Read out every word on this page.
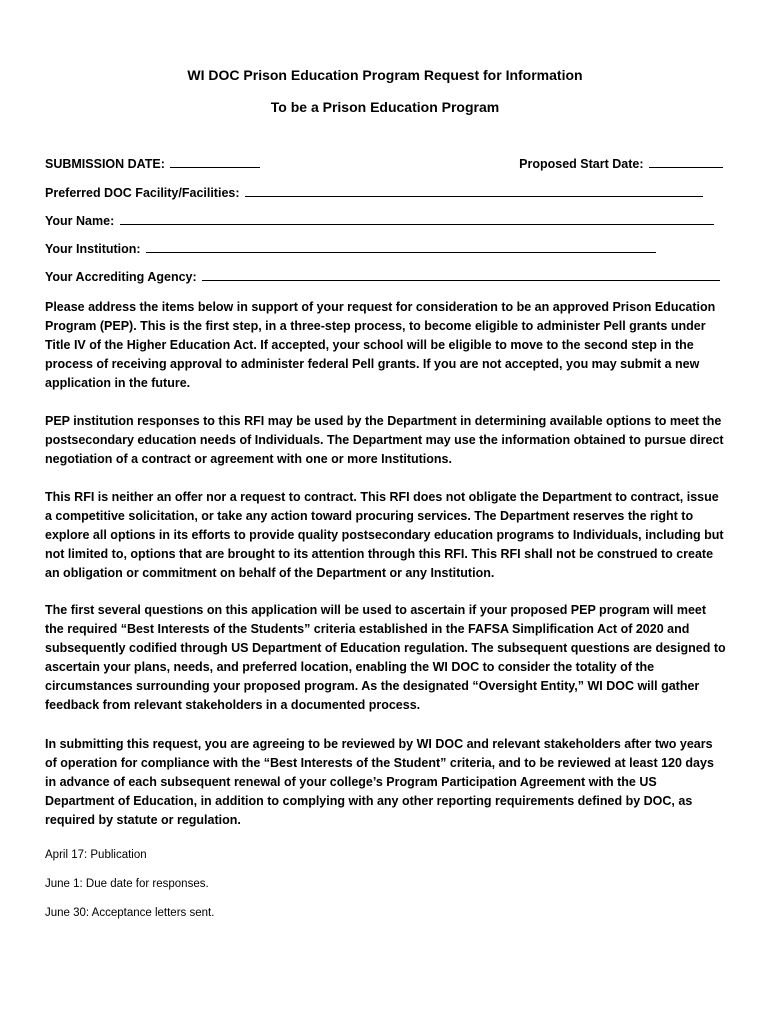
WI DOC Prison Education Program Request for Information
To be a Prison Education Program
SUBMISSION DATE:	Proposed Start Date:
Preferred DOC Facility/Facilities:
Your Name:
Your Institution:
Your Accrediting Agency:
Please address the items below in support of your request for consideration to be an approved Prison Education Program (PEP). This is the first step, in a three-step process, to become eligible to administer Pell grants under Title IV of the Higher Education Act. If accepted, your school will be eligible to move to the second step in the process of receiving approval to administer federal Pell grants. If you are not accepted, you may submit a new application in the future.
PEP institution responses to this RFI may be used by the Department in determining available options to meet the postsecondary education needs of Individuals. The Department may use the information obtained to pursue direct negotiation of a contract or agreement with one or more Institutions.
This RFI is neither an offer nor a request to contract. This RFI does not obligate the Department to contract, issue a competitive solicitation, or take any action toward procuring services. The Department reserves the right to explore all options in its efforts to provide quality postsecondary education programs to Individuals, including but not limited to, options that are brought to its attention through this RFI. This RFI shall not be construed to create an obligation or commitment on behalf of the Department or any Institution.
The first several questions on this application will be used to ascertain if your proposed PEP program will meet the required “Best Interests of the Students” criteria established in the FAFSA Simplification Act of 2020 and subsequently codified through US Department of Education regulation. The subsequent questions are designed to ascertain your plans, needs, and preferred location, enabling the WI DOC to consider the totality of the circumstances surrounding your proposed program. As the designated “Oversight Entity,” WI DOC will gather feedback from relevant stakeholders in a documented process.
In submitting this request, you are agreeing to be reviewed by WI DOC and relevant stakeholders after two years of operation for compliance with the “Best Interests of the Student” criteria, and to be reviewed at least 120 days in advance of each subsequent renewal of your college’s Program Participation Agreement with the US Department of Education, in addition to complying with any other reporting requirements defined by DOC, as required by statute or regulation.
April 17: Publication
June 1: Due date for responses.
June 30: Acceptance letters sent.
